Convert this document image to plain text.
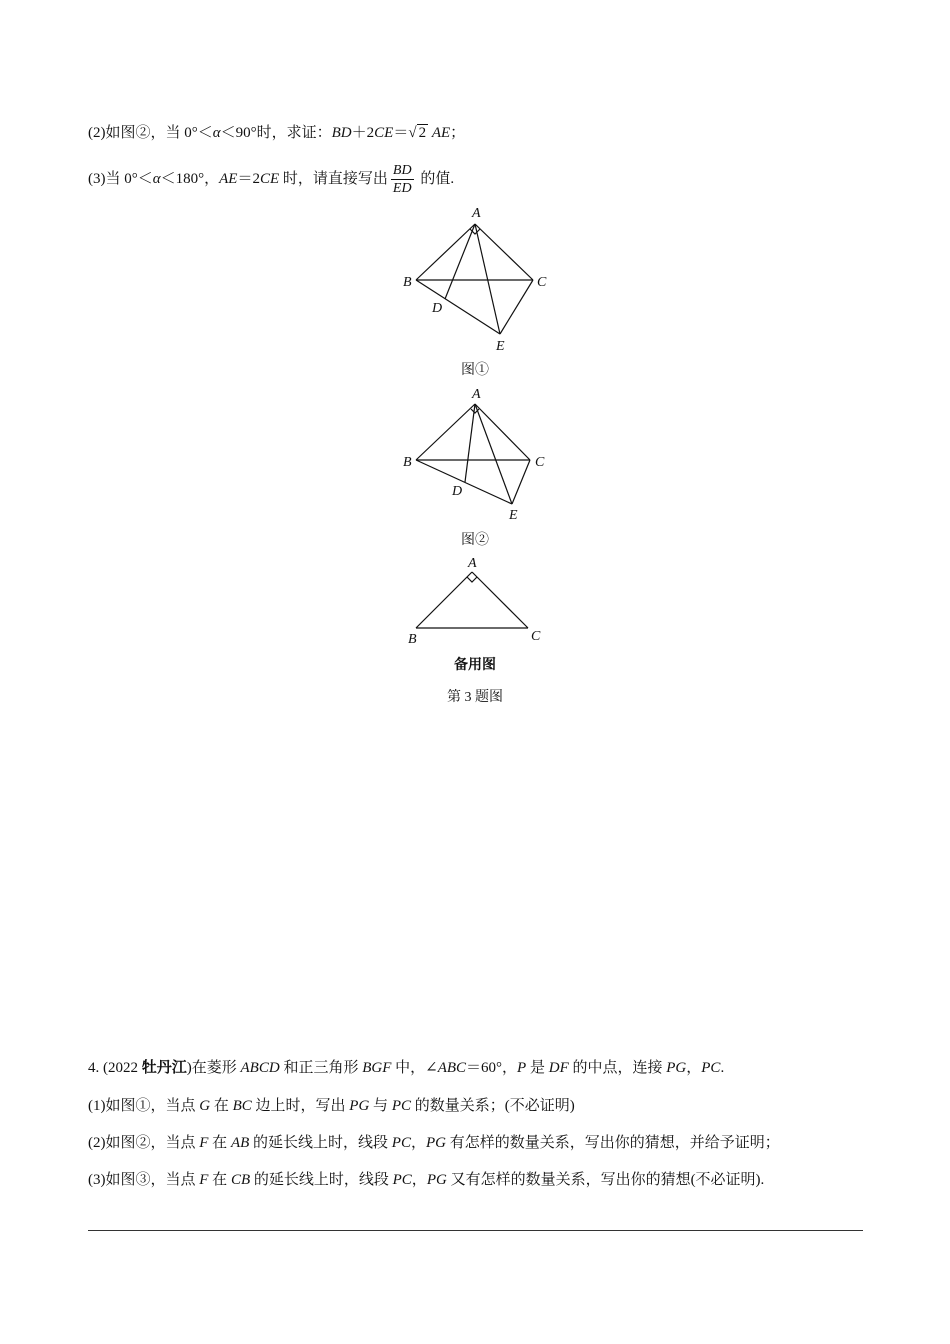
(2)如图②，当 0°＜α＜90°时，求证：BD＋2CE＝√ 2 AE；
(3)当 0°＜α＜180°，AE＝2CE 时，请直接写出 $\frac{BD}{ED}$ 的值.
A
B	C
D
E
A
B	C
D
E
A
B	C
图①
图②
备用图
第 3 题图
4. (2022 牡丹江)在菱形 ABCD 和正三角形 BGF 中，∠ABC＝60°，P 是 DF 的中点，连接 PG，PC.
(1)如图①，当点 G 在 BC 边上时，写出 PG 与 PC 的数量关系；(不必证明)
(2)如图②，当点 F 在 AB 的延长线上时，线段 PC，PG 有怎样的数量关系，写出你的猜想，并给予证明；
(3)如图③，当点 F 在 CB 的延长线上时，线段 PC，PG 又有怎样的数量关系，写出你的猜想(不必证明).
